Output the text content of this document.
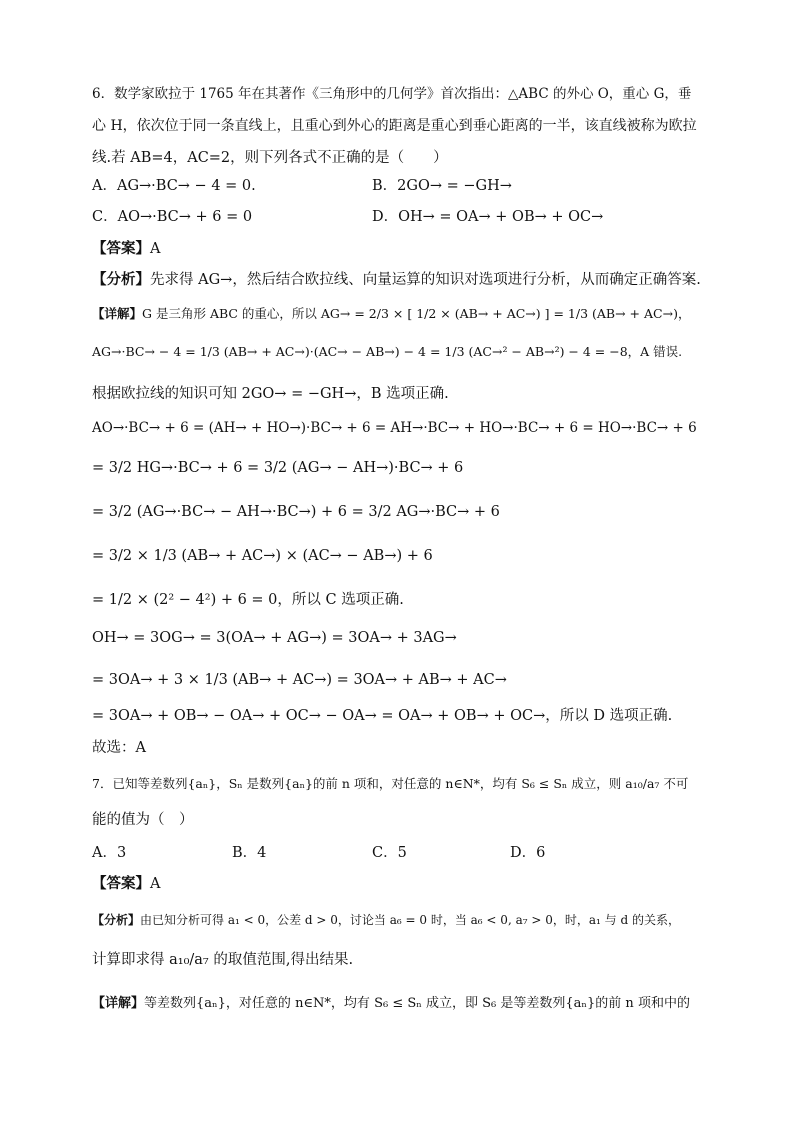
6．数学家欧拉于 1765 年在其著作《三角形中的几何学》首次指出：△ABC 的外心 O，重心 G，垂
心 H，依次位于同一条直线上，且重心到外心的距离是重心到垂心距离的一半，该直线被称为欧拉
线.若 AB=4，AC=2，则下列各式不正确的是（　　）
A．AG→·BC→ − 4 = 0.	B．2GO→ = −GH→
C．AO→·BC→ + 6 = 0	D．OH→ = OA→ + OB→ + OC→
【答案】A
【分析】先求得 AG→，然后结合欧拉线、向量运算的知识对选项进行分析，从而确定正确答案.
【详解】G 是三角形 ABC 的重心，所以 AG→ = 2/3 × [ 1/2 × (AB→ + AC→) ] = 1/3 (AB→ + AC→)，
AG→·BC→ − 4 = 1/3 (AB→ + AC→)·(AC→ − AB→) − 4 = 1/3 (AC→² − AB→²) − 4 = −8，A 错误.
根据欧拉线的知识可知 2GO→ = −GH→，B 选项正确.
AO→·BC→ + 6 = (AH→ + HO→)·BC→ + 6 = AH→·BC→ + HO→·BC→ + 6 = HO→·BC→ + 6
= 3/2 HG→·BC→ + 6 = 3/2 (AG→ − AH→)·BC→ + 6
= 3/2 (AG→·BC→ − AH→·BC→) + 6 = 3/2 AG→·BC→ + 6
= 3/2 × 1/3 (AB→ + AC→) × (AC→ − AB→) + 6
= 1/2 × (2² − 4²) + 6 = 0，所以 C 选项正确.
OH→ = 3OG→ = 3(OA→ + AG→) = 3OA→ + 3AG→
= 3OA→ + 3 × 1/3 (AB→ + AC→) = 3OA→ + AB→ + AC→
= 3OA→ + OB→ − OA→ + OC→ − OA→ = OA→ + OB→ + OC→，所以 D 选项正确.
故选：A
7．已知等差数列{aₙ}，Sₙ 是数列{aₙ}的前 n 项和，对任意的 n∈N*，均有 S₆ ≤ Sₙ 成立，则 a₁₀/a₇ 不可
能的值为（　）
A．3	B．4	C．5	D．6
【答案】A
【分析】由已知分析可得 a₁ < 0，公差 d > 0，讨论当 a₆ = 0 时，当 a₆ < 0, a₇ > 0，时，a₁ 与 d 的关系，
计算即求得 a₁₀/a₇ 的取值范围,得出结果.
【详解】等差数列{aₙ}，对任意的 n∈N*，均有 S₆ ≤ Sₙ 成立，即 S₆ 是等差数列{aₙ}的前 n 项和中的
